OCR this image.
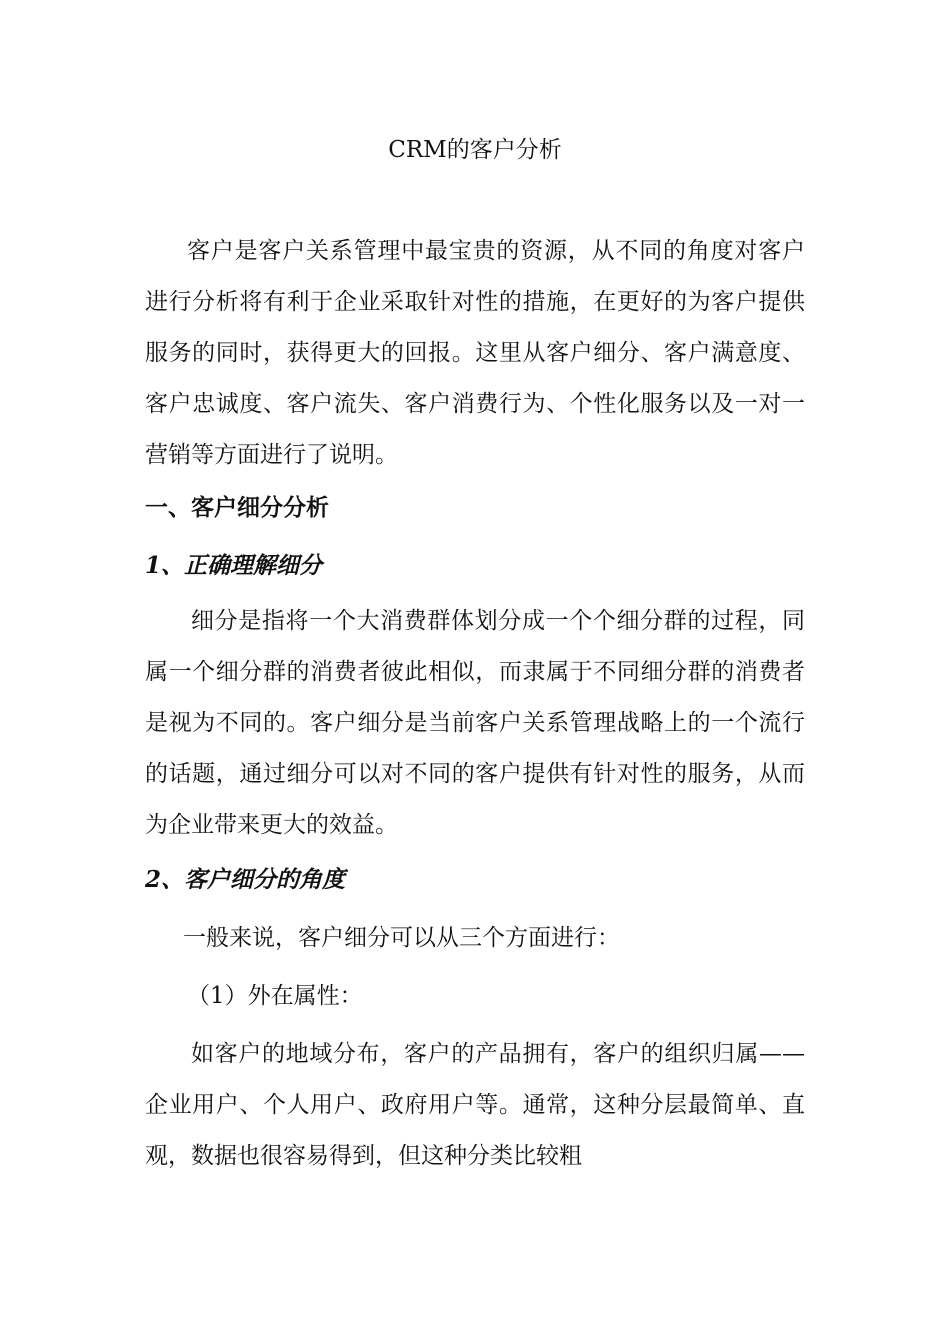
CRM的客户分析
客户是客户关系管理中最宝贵的资源，从不同的角度对客户进行分析将有利于企业采取针对性的措施，在更好的为客户提供服务的同时，获得更大的回报。这里从客户细分、客户满意度、客户忠诚度、客户流失、客户消费行为、个性化服务以及一对一营销等方面进行了说明。
一、客户细分分析
1、正确理解细分
细分是指将一个大消费群体划分成一个个细分群的过程，同属一个细分群的消费者彼此相似，而隶属于不同细分群的消费者是视为不同的。客户细分是当前客户关系管理战略上的一个流行的话题，通过细分可以对不同的客户提供有针对性的服务，从而为企业带来更大的效益。
2、客户细分的角度
一般来说，客户细分可以从三个方面进行：
（1）外在属性：
如客户的地域分布，客户的产品拥有，客户的组织归属——企业用户、个人用户、政府用户等。通常，这种分层最简单、直观，数据也很容易得到，但这种分类比较粗
